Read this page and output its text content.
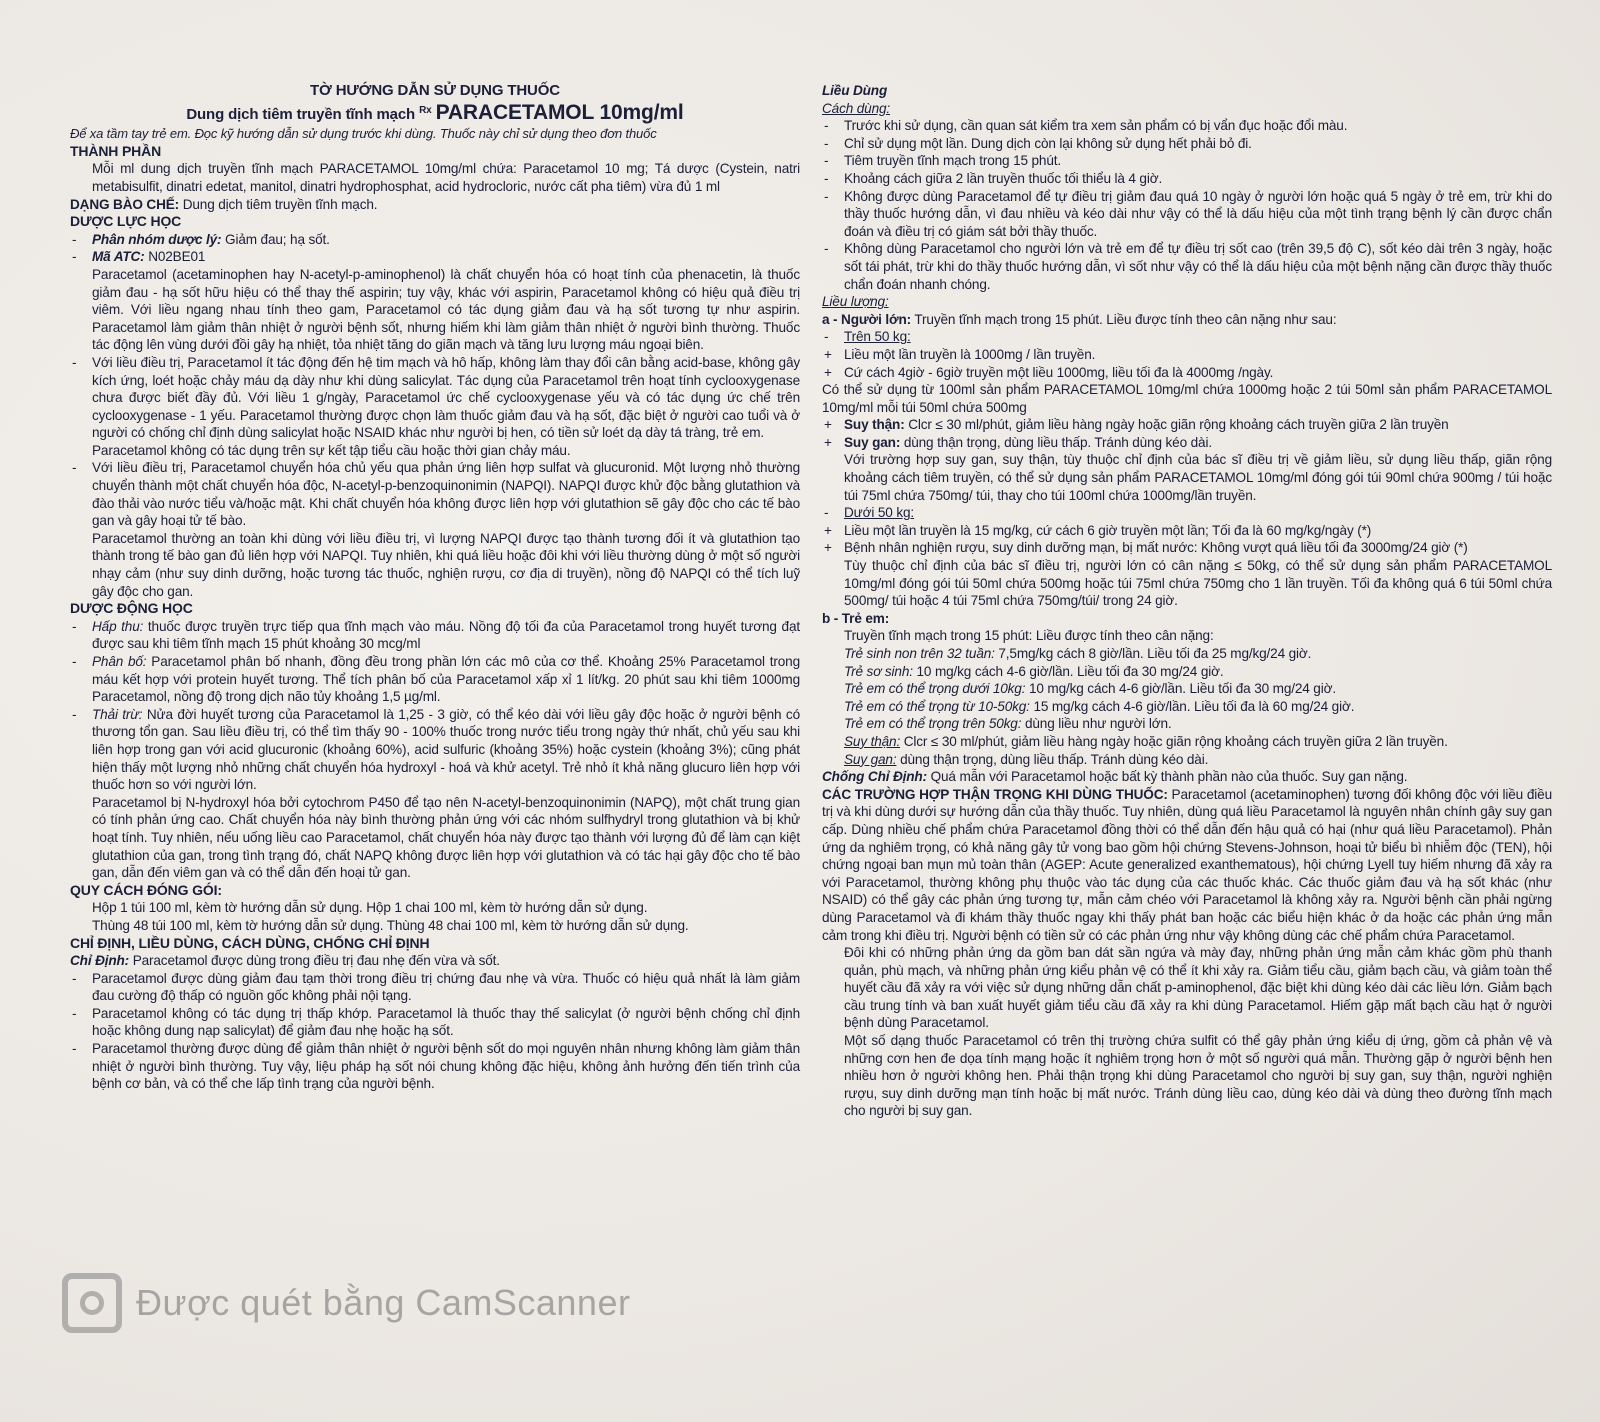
TỜ HƯỚNG DẪN SỬ DỤNG THUỐC

Dung dịch tiêm truyền tĩnh mạch $^{Rx}$ PARACETAMOL 10mg/ml

Để xa tầm tay trẻ em. Đọc kỹ hướng dẫn sử dụng trước khi dùng. Thuốc này chỉ sử dụng theo đơn thuốc

THÀNH PHẦN

Mỗi ml dung dịch truyền tĩnh mạch PARACETAMOL 10mg/ml chứa: Paracetamol 10 mg; Tá dược (Cystein, natri metabisulfit, dinatri edetat, manitol, dinatri hydrophosphat, acid hydrocloric, nước cất pha tiêm) vừa đủ 1 ml

DẠNG BÀO CHẾ: Dung dịch tiêm truyền tĩnh mạch.

DƯỢC LỰC HỌC

- Phân nhóm dược lý: Giảm đau; hạ sốt.

- Mã ATC: N02BE01

Paracetamol (acetaminophen hay N-acetyl-p-aminophenol) là chất chuyển hóa có hoạt tính của phenacetin, là thuốc giảm đau - hạ sốt hữu hiệu có thể thay thế aspirin; tuy vậy, khác với aspirin, Paracetamol không có hiệu quả điều trị viêm. Với liều ngang nhau tính theo gam, Paracetamol có tác dụng giảm đau và hạ sốt tương tự như aspirin. Paracetamol làm giảm thân nhiệt ở người bệnh sốt, nhưng hiếm khi làm giảm thân nhiệt ở người bình thường. Thuốc tác động lên vùng dưới đồi gây hạ nhiệt, tỏa nhiệt tăng do giãn mạch và tăng lưu lượng máu ngoại biên.

- Với liều điều trị, Paracetamol ít tác động đến hệ tim mạch và hô hấp, không làm thay đổi cân bằng acid-base, không gây kích ứng, loét hoặc chảy máu dạ dày như khi dùng salicylat. Tác dụng của Paracetamol trên hoạt tính cyclooxygenase chưa được biết đầy đủ. Với liều 1 g/ngày, Paracetamol ức chế cyclooxygenase yếu và có tác dụng ức chế trên cyclooxygenase - 1 yếu. Paracetamol thường được chọn làm thuốc giảm đau và hạ sốt, đặc biệt ở người cao tuổi và ở người có chống chỉ định dùng salicylat hoặc NSAID khác như người bị hen, có tiền sử loét dạ dày tá tràng, trẻ em.

Paracetamol không có tác dụng trên sự kết tập tiểu cầu hoặc thời gian chảy máu.

- Với liều điều trị, Paracetamol chuyển hóa chủ yếu qua phản ứng liên hợp sulfat và glucuronid. Một lượng nhỏ thường chuyển thành một chất chuyển hóa độc, N-acetyl-p-benzoquinonimin (NAPQI). NAPQI được khử độc bằng glutathion và đào thải vào nước tiểu và/hoặc mật. Khi chất chuyển hóa không được liên hợp với glutathion sẽ gây độc cho các tế bào gan và gây hoại tử tế bào.

Paracetamol thường an toàn khi dùng với liều điều trị, vì lượng NAPQI được tạo thành tương đối ít và glutathion tạo thành trong tế bào gan đủ liên hợp với NAPQI. Tuy nhiên, khi quá liều hoặc đôi khi với liều thường dùng ở một số người nhạy cảm (như suy dinh dưỡng, hoặc tương tác thuốc, nghiện rượu, cơ địa di truyền), nồng độ NAPQI có thể tích luỹ gây độc cho gan.

DƯỢC ĐỘNG HỌC

- Hấp thu: thuốc được truyền trực tiếp qua tĩnh mạch vào máu. Nồng độ tối đa của Paracetamol trong huyết tương đạt được sau khi tiêm tĩnh mạch 15 phút khoảng 30 mcg/ml

- Phân bố: Paracetamol phân bố nhanh, đồng đều trong phần lớn các mô của cơ thể. Khoảng 25% Paracetamol trong máu kết hợp với protein huyết tương. Thể tích phân bố của Paracetamol xấp xỉ 1 lít/kg. 20 phút sau khi tiêm 1000mg Paracetamol, nồng độ trong dịch não tủy khoảng 1,5 µg/ml.

- Thải trừ: Nửa đời huyết tương của Paracetamol là 1,25 - 3 giờ, có thể kéo dài với liều gây độc hoặc ở người bệnh có thương tổn gan. Sau liều điều trị, có thể tìm thấy 90 - 100% thuốc trong nước tiểu trong ngày thứ nhất, chủ yếu sau khi liên hợp trong gan với acid glucuronic (khoảng 60%), acid sulfuric (khoảng 35%) hoặc cystein (khoảng 3%); cũng phát hiện thấy một lượng nhỏ những chất chuyển hóa hydroxyl - hoá và khử acetyl. Trẻ nhỏ ít khả năng glucuro liên hợp với thuốc hơn so với người lớn.

Paracetamol bị N-hydroxyl hóa bởi cytochrom P450 để tạo nên N-acetyl-benzoquinonimin (NAPQ), một chất trung gian có tính phản ứng cao. Chất chuyển hóa này bình thường phản ứng với các nhóm sulfhydryl trong glutathion và bị khử hoạt tính. Tuy nhiên, nếu uống liều cao Paracetamol, chất chuyển hóa này được tạo thành với lượng đủ để làm cạn kiệt glutathion của gan, trong tình trạng đó, chất NAPQ không được liên hợp với glutathion và có tác hại gây độc cho tế bào gan, dẫn đến viêm gan và có thể dẫn đến hoại tử gan.

QUY CÁCH ĐÓNG GÓI:

Hộp 1 túi 100 ml, kèm tờ hướng dẫn sử dụng. Hộp 1 chai 100 ml, kèm tờ hướng dẫn sử dụng.

Thùng 48 túi 100 ml, kèm tờ hướng dẫn sử dụng. Thùng 48 chai 100 ml, kèm tờ hướng dẫn sử dụng.

CHỈ ĐỊNH, LIỀU DÙNG, CÁCH DÙNG, CHỐNG CHỈ ĐỊNH

Chỉ Định: Paracetamol được dùng trong điều trị đau nhẹ đến vừa và sốt.

- Paracetamol được dùng giảm đau tạm thời trong điều trị chứng đau nhẹ và vừa. Thuốc có hiệu quả nhất là làm giảm đau cường độ thấp có nguồn gốc không phải nội tạng.

- Paracetamol không có tác dụng trị thấp khớp. Paracetamol là thuốc thay thế salicylat (ở người bệnh chống chỉ định hoặc không dung nạp salicylat) để giảm đau nhẹ hoặc hạ sốt.

- Paracetamol thường được dùng để giảm thân nhiệt ở người bệnh sốt do mọi nguyên nhân nhưng không làm giảm thân nhiệt ở người bình thường. Tuy vậy, liệu pháp hạ sốt nói chung không đặc hiệu, không ảnh hưởng đến tiến trình của bệnh cơ bản, và có thể che lấp tình trạng của người bệnh.

Liều Dùng

Cách dùng:

- Trước khi sử dụng, cần quan sát kiểm tra xem sản phẩm có bị vẩn đục hoặc đổi màu.

- Chỉ sử dụng một lần. Dung dịch còn lại không sử dụng hết phải bỏ đi.

- Tiêm truyền tĩnh mạch trong 15 phút.

- Khoảng cách giữa 2 lần truyền thuốc tối thiểu là 4 giờ.

- Không được dùng Paracetamol để tự điều trị giảm đau quá 10 ngày ở người lớn hoặc quá 5 ngày ở trẻ em, trừ khi do thầy thuốc hướng dẫn, vì đau nhiều và kéo dài như vậy có thể là dấu hiệu của một tình trạng bệnh lý cần được chẩn đoán và điều trị có giám sát bởi thầy thuốc.

- Không dùng Paracetamol cho người lớn và trẻ em để tự điều trị sốt cao (trên 39,5 độ C), sốt kéo dài trên 3 ngày, hoặc sốt tái phát, trừ khi do thầy thuốc hướng dẫn, vì sốt như vậy có thể là dấu hiệu của một bệnh nặng cần được thầy thuốc chẩn đoán nhanh chóng.

Liều lượng:

a - Người lớn: Truyền tĩnh mạch trong 15 phút. Liều được tính theo cân nặng như sau:

- Trên 50 kg:

+ Liều một lần truyền là 1000mg / lần truyền.

+ Cứ cách 4giờ - 6giờ truyền một liều 1000mg, liều tối đa là 4000mg /ngày.

Có thể sử dụng từ 100ml sản phẩm PARACETAMOL 10mg/ml chứa 1000mg hoặc 2 túi 50ml sản phẩm PARACETAMOL 10mg/ml mỗi túi 50ml chứa 500mg

+ Suy thận: Clcr ≤ 30 ml/phút, giảm liều hàng ngày hoặc giãn rộng khoảng cách truyền giữa 2 lần truyền

+ Suy gan: dùng thận trọng, dùng liều thấp. Tránh dùng kéo dài.

Với trường hợp suy gan, suy thận, tùy thuộc chỉ định của bác sĩ điều trị về giảm liều, sử dụng liều thấp, giãn rộng khoảng cách tiêm truyền, có thể sử dụng sản phẩm PARACETAMOL 10mg/ml đóng gói túi 90ml chứa 900mg / túi hoặc túi 75ml chứa 750mg/ túi, thay cho túi 100ml chứa 1000mg/lần truyền.

- Dưới 50 kg:

+ Liều một lần truyền là 15 mg/kg, cứ cách 6 giờ truyền một lần; Tối đa là 60 mg/kg/ngày (*)

+ Bệnh nhân nghiện rượu, suy dinh dưỡng mạn, bị mất nước: Không vượt quá liều tối đa 3000mg/24 giờ (*)

Tùy thuộc chỉ định của bác sĩ điều trị, người lớn có cân nặng ≤ 50kg, có thể sử dụng sản phẩm PARACETAMOL 10mg/ml đóng gói túi 50ml chứa 500mg hoặc túi 75ml chứa 750mg cho 1 lần truyền. Tối đa không quá 6 túi 50ml chứa 500mg/ túi hoặc 4 túi 75ml chứa 750mg/túi/ trong 24 giờ.

b - Trẻ em:

Truyền tĩnh mạch trong 15 phút: Liều được tính theo cân nặng:

Trẻ sinh non trên 32 tuần: 7,5mg/kg cách 8 giờ/lần. Liều tối đa 25 mg/kg/24 giờ.

Trẻ sơ sinh: 10 mg/kg cách 4-6 giờ/lần. Liều tối đa 30 mg/24 giờ.

Trẻ em có thể trọng dưới 10kg: 10 mg/kg cách 4-6 giờ/lần. Liều tối đa 30 mg/24 giờ.

Trẻ em có thể trọng từ 10-50kg: 15 mg/kg cách 4-6 giờ/lần. Liều tối đa là 60 mg/24 giờ.

Trẻ em có thể trọng trên 50kg: dùng liều như người lớn.

Suy thận: Clcr ≤ 30 ml/phút, giảm liều hàng ngày hoặc giãn rộng khoảng cách truyền giữa 2 lần truyền.

Suy gan: dùng thận trọng, dùng liều thấp. Tránh dùng kéo dài.

Chống Chỉ Định: Quá mẫn với Paracetamol hoặc bất kỳ thành phần nào của thuốc. Suy gan nặng.

CÁC TRƯỜNG HỢP THẬN TRỌNG KHI DÙNG THUỐC: Paracetamol (acetaminophen) tương đối không độc với liều điều trị và khi dùng dưới sự hướng dẫn của thầy thuốc. Tuy nhiên, dùng quá liều Paracetamol là nguyên nhân chính gây suy gan cấp. Dùng nhiều chế phẩm chứa Paracetamol đồng thời có thể dẫn đến hậu quả có hại (như quá liều Paracetamol). Phản ứng da nghiêm trọng, có khả năng gây tử vong bao gồm hội chứng Stevens-Johnson, hoại tử biểu bì nhiễm độc (TEN), hội chứng ngoại ban mụn mủ toàn thân (AGEP: Acute generalized exanthematous), hội chứng Lyell tuy hiếm nhưng đã xảy ra với Paracetamol, thường không phụ thuộc vào tác dụng của các thuốc khác. Các thuốc giảm đau và hạ sốt khác (như NSAID) có thể gây các phản ứng tương tự, mẫn cảm chéo với Paracetamol là không xảy ra. Người bệnh cần phải ngừng dùng Paracetamol và đi khám thầy thuốc ngay khi thấy phát ban hoặc các biểu hiện khác ở da hoặc các phản ứng mẫn cảm trong khi điều trị. Người bệnh có tiền sử có các phản ứng như vậy không dùng các chế phẩm chứa Paracetamol.

Đôi khi có những phản ứng da gồm ban dát sần ngứa và mày đay, những phản ứng mẫn cảm khác gồm phù thanh quản, phù mạch, và những phản ứng kiểu phản vệ có thể ít khi xảy ra. Giảm tiểu cầu, giảm bạch cầu, và giảm toàn thể huyết cầu đã xảy ra với việc sử dụng những dẫn chất p-aminophenol, đặc biệt khi dùng kéo dài các liều lớn. Giảm bạch cầu trung tính và ban xuất huyết giảm tiểu cầu đã xảy ra khi dùng Paracetamol. Hiếm gặp mất bạch cầu hạt ở người bệnh dùng Paracetamol.

Một số dạng thuốc Paracetamol có trên thị trường chứa sulfit có thể gây phản ứng kiểu dị ứng, gồm cả phản vệ và những cơn hen đe dọa tính mạng hoặc ít nghiêm trọng hơn ở một số người quá mẫn. Thường gặp ở người bệnh hen nhiều hơn ở người không hen. Phải thận trọng khi dùng Paracetamol cho người bị suy gan, suy thận, người nghiện rượu, suy dinh dưỡng mạn tính hoặc bị mất nước. Tránh dùng liều cao, dùng kéo dài và dùng theo đường tĩnh mạch cho người bị suy gan.

Được quét bằng CamScanner
